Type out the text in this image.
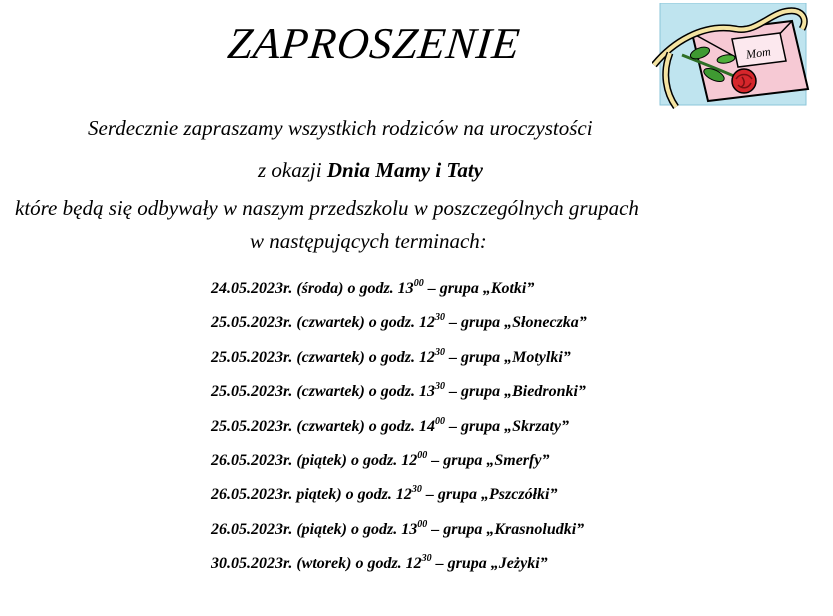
ZAPROSZENIE	Mom
Serdecznie zapraszamy wszystkich rodziców na uroczystości
z okazji Dnia Mamy i Taty
które będą się odbywały w naszym przedszkolu w poszczególnych grupach
w następujących terminach:
24.05.2023r. (środa) o godz. $13^{00}$ – grupa „Kotki”
25.05.2023r. (czwartek) o godz. $12^{30}$ – grupa „Słoneczka”
25.05.2023r. (czwartek) o godz. $12^{30}$ – grupa „Motylki”
25.05.2023r. (czwartek) o godz. $13^{30}$ – grupa „Biedronki”
25.05.2023r. (czwartek) o godz. $14^{00}$ – grupa „Skrzaty”
26.05.2023r. (piątek) o godz. $12^{00}$ – grupa „Smerfy”
26.05.2023r. piątek) o godz. $12^{30}$ – grupa „Pszczółki”
26.05.2023r. (piątek) o godz. $13^{00}$ – grupa „Krasnoludki”
30.05.2023r. (wtorek) o godz. $12^{30}$ – grupa „Jeżyki”
